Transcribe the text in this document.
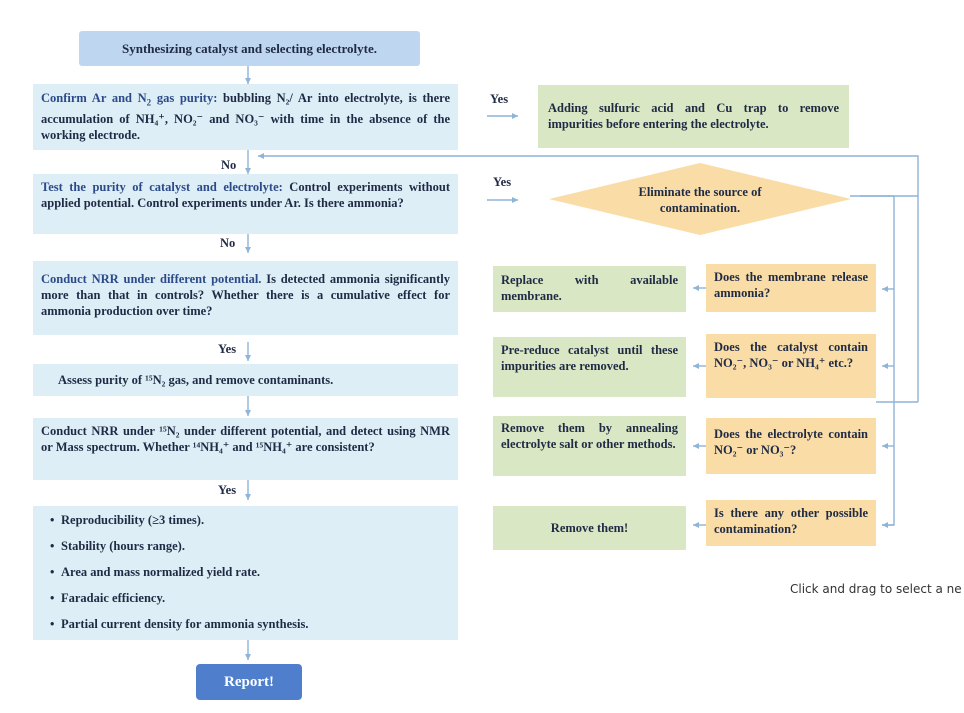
Synthesizing catalyst and selecting electrolyte.
Confirm Ar and $N_2$ gas purity: bubbling N₂/ Ar into electrolyte, is there accumulation of NH₄⁺, NO₂⁻ and NO₃⁻ with time in the absence of the working electrode.
Test the purity of catalyst and electrolyte: Control experiments without applied potential. Control experiments under Ar. Is there ammonia?
Conduct NRR under different potential. Is detected ammonia significantly more than that in controls? Whether there is a cumulative effect for ammonia production over time?
Assess purity of ¹⁵N₂ gas, and remove contaminants.
Conduct NRR under ¹⁵N₂ under different potential, and detect using NMR or Mass spectrum. Whether ¹⁴NH₄⁺ and ¹⁵NH₄⁺ are consistent?
• Reproducibility (≥3 times).
• Stability (hours range).
• Area and mass normalized yield rate.
• Faradaic efficiency.
• Partial current density for ammonia synthesis.
Report!
Yes
No
Yes
No
Yes
Yes
Adding sulfuric acid and Cu trap to remove impurities before entering the electrolyte.
Eliminate the source of contamination.
Does the membrane release ammonia?
Replace with available membrane.
Does the catalyst contain NO₂⁻, NO₃⁻ or NH₄⁺ etc.?
Pre-reduce catalyst until these impurities are removed.
Does the electrolyte contain NO₂⁻ or NO₃⁻?
Remove them by annealing electrolyte salt or other methods.
Is there any other possible contamination?
Remove them!
Click and drag to select a ne
